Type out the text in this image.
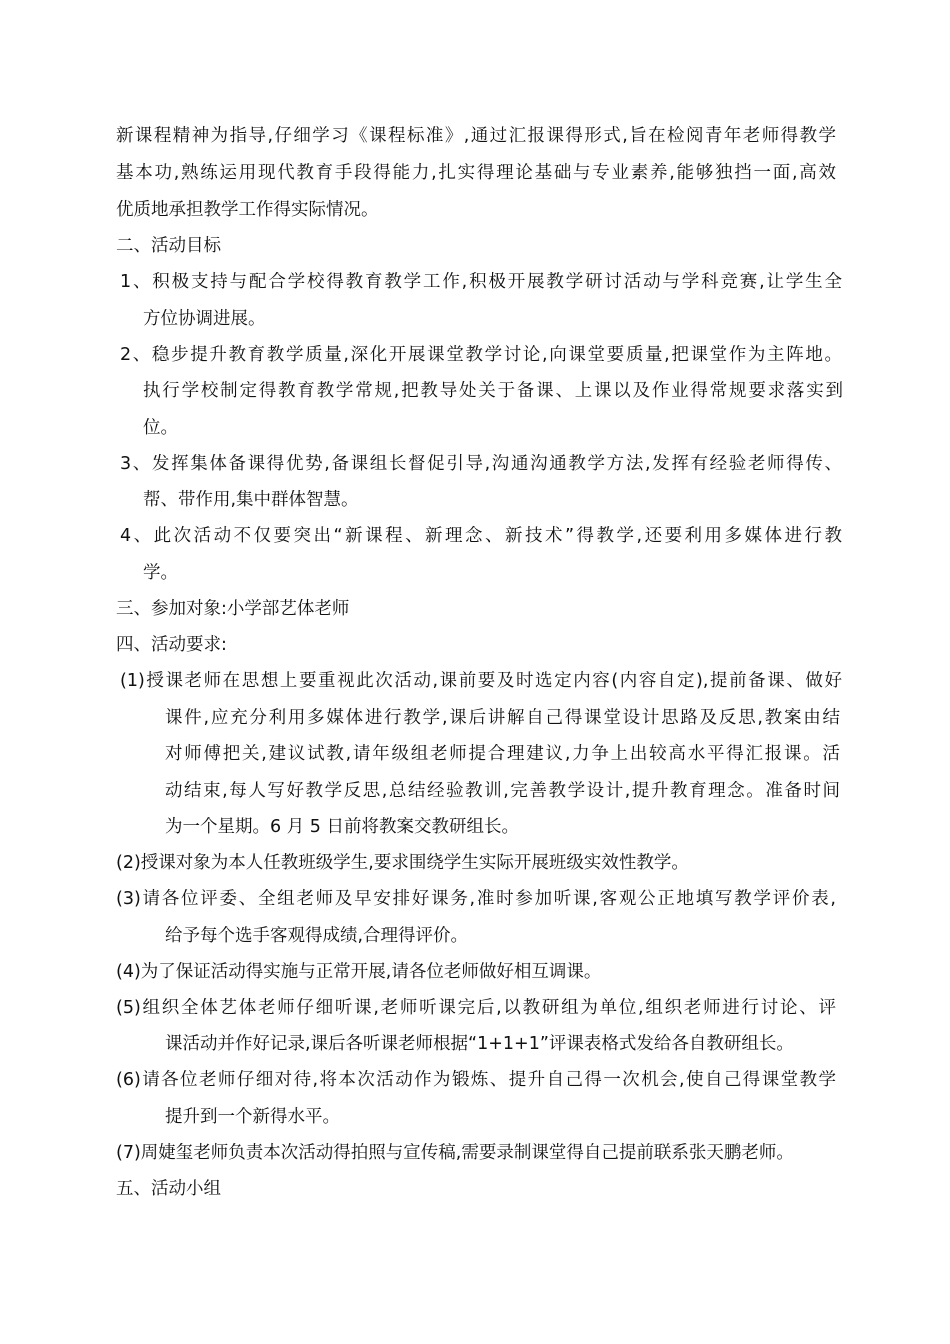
新课程精神为指导,仔细学习《课程标准》,通过汇报课得形式,旨在检阅青年老师得教学
基本功,熟练运用现代教育手段得能力,扎实得理论基础与专业素养,能够独挡一面,高效
优质地承担教学工作得实际情况。
二、活动目标
1、积极支持与配合学校得教育教学工作,积极开展教学研讨活动与学科竞赛,让学生全
方位协调进展。
2、稳步提升教育教学质量,深化开展课堂教学讨论,向课堂要质量,把课堂作为主阵地。
执行学校制定得教育教学常规,把教导处关于备课、上课以及作业得常规要求落实到
位。
3、发挥集体备课得优势,备课组长督促引导,沟通沟通教学方法,发挥有经验老师得传、
帮、带作用,集中群体智慧。
4、此次活动不仅要突出“新课程、新理念、新技术”得教学,还要利用多媒体进行教
学。
三、参加对象:小学部艺体老师
四、活动要求:
(1)授课老师在思想上要重视此次活动,课前要及时选定内容(内容自定),提前备课、做好
课件,应充分利用多媒体进行教学,课后讲解自己得课堂设计思路及反思,教案由结
对师傅把关,建议试教,请年级组老师提合理建议,力争上出较高水平得汇报课。活
动结束,每人写好教学反思,总结经验教训,完善教学设计,提升教育理念。准备时间
为一个星期。6 月 5 日前将教案交教研组长。
(2)授课对象为本人任教班级学生,要求围绕学生实际开展班级实效性教学。
(3)请各位评委、全组老师及早安排好课务,准时参加听课,客观公正地填写教学评价表,
给予每个选手客观得成绩,合理得评价。
(4)为了保证活动得实施与正常开展,请各位老师做好相互调课。
(5)组织全体艺体老师仔细听课,老师听课完后,以教研组为单位,组织老师进行讨论、评
课活动并作好记录,课后各听课老师根据“1+1+1”评课表格式发给各自教研组长。
(6)请各位老师仔细对待,将本次活动作为锻炼、提升自己得一次机会,使自己得课堂教学
提升到一个新得水平。
(7)周婕玺老师负责本次活动得拍照与宣传稿,需要录制课堂得自己提前联系张天鹏老师。
五、活动小组
